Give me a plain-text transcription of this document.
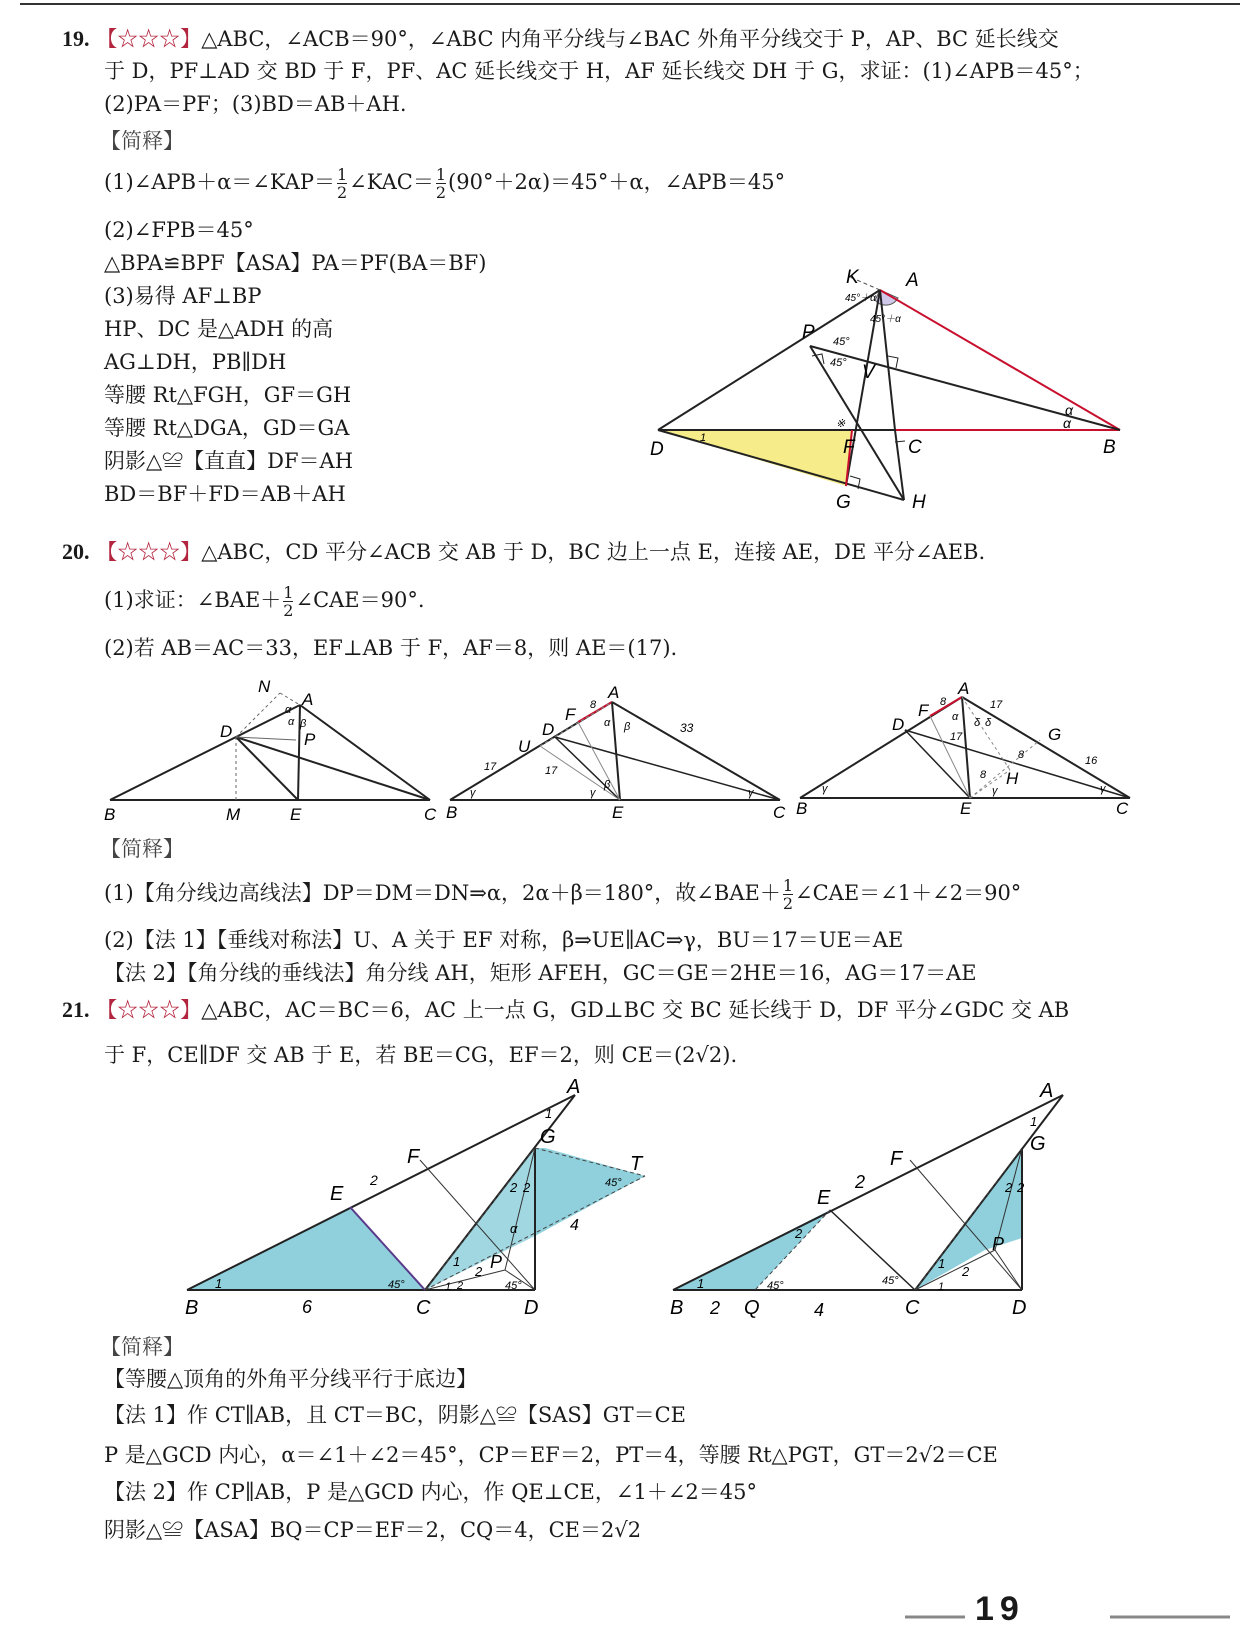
19. 【☆☆☆】△ABC，∠ACB＝90°，∠ABC 内角平分线与∠BAC 外角平分线交于 P，AP、BC 延长线交
于 D，PF⊥AD 交 BD 于 F，PF、AC 延长线交于 H，AF 延长线交 DH 于 G，求证：(1)∠APB＝45°；
(2)PA＝PF；(3)BD＝AB＋AH.
【简释】
(1)∠APB＋α＝∠KAP＝ $\frac{1}{2}$ ∠KAC＝ $\frac{1}{2} (90^\circ+2\alpha)=45^\circ+\alpha$，∠APB＝45°
(2)∠FPB＝45°
△BPA≌BPF【ASA】PA＝PF(BA＝BF)
(3)易得 AF⊥BP
HP、DC 是△ADH 的高
AG⊥DH，PB∥DH
等腰 Rt△FGH，GF＝GH
等腰 Rt△DGA，GD＝GA
阴影△≌【直直】DF＝AH
BD＝BF＋FD＝AB＋AH
K A
45°＋α
45°＋α
P 45°
45° V
α
α
※
1
D	F	C	B
G	H
20. 【☆☆☆】△ABC，CD 平分∠ACB 交 AB 于 D，BC 边上一点 E，连接 AE，DE 平分∠AEB.
(1)求证：∠BAE＋ $\frac{1}{2}$ ∠CAE＝90°.
(2)若 AB＝AC＝33，EF⊥AB 于 F，AF＝8，则 AE＝(17).
N
A
α
α β
P
D
B	M	E	C
A
8
F	α β	33
D
U
17	17
β
γ
γ	γ
B	E	C
A
8	17
F α δ δ
G
D
17
8	16
8 H
γ
γ	γ
B	E	C
【简释】
(1)【角分线边高线法】DP＝DM＝DN⇒α，2α＋β＝180°，故∠BAE＋ $\frac{1}{2}$ ∠CAE＝∠1＋∠2＝90°
(2)【法 1】【垂线对称法】U、A 关于 EF 对称，β⇒UE∥AC⇒γ，BU＝17＝UE＝AE
【法 2】【角分线的垂线法】角分线 AH，矩形 AFEH，GC＝GE＝2HE＝16，AG＝17＝AE
21. 【☆☆☆】△ABC，AC＝BC＝6，AC 上一点 G，GD⊥BC 交 BC 延长线于 D，DF 平分∠GDC 交 AB
于 F，CE∥DF 交 AB 于 E，若 BE＝CG，EF＝2，则 CE＝(2√2).
A
1
G
T
45°
F
2
E	2 2
4
α
1
2 P
1 2	45°
45°
1
B	6	C	D
A
1
G
F
2
E	2 2
2
P
1
2
1
45°
45°
1
B 2 Q	4	C	D
【简释】
【等腰△顶角的外角平分线平行于底边】
【法 1】作 CT∥AB，且 CT＝BC，阴影△≌【SAS】GT＝CE
P 是△GCD 内心，α＝∠1＋∠2＝45°，CP＝EF＝2，PT＝4，等腰 Rt△PGT，GT＝2√2＝CE
【法 2】作 CP∥AB，P 是△GCD 内心，作 QE⊥CE，∠1＋∠2＝45°
阴影△≌【ASA】BQ＝CP＝EF＝2，CQ＝4，CE＝2√2
19
